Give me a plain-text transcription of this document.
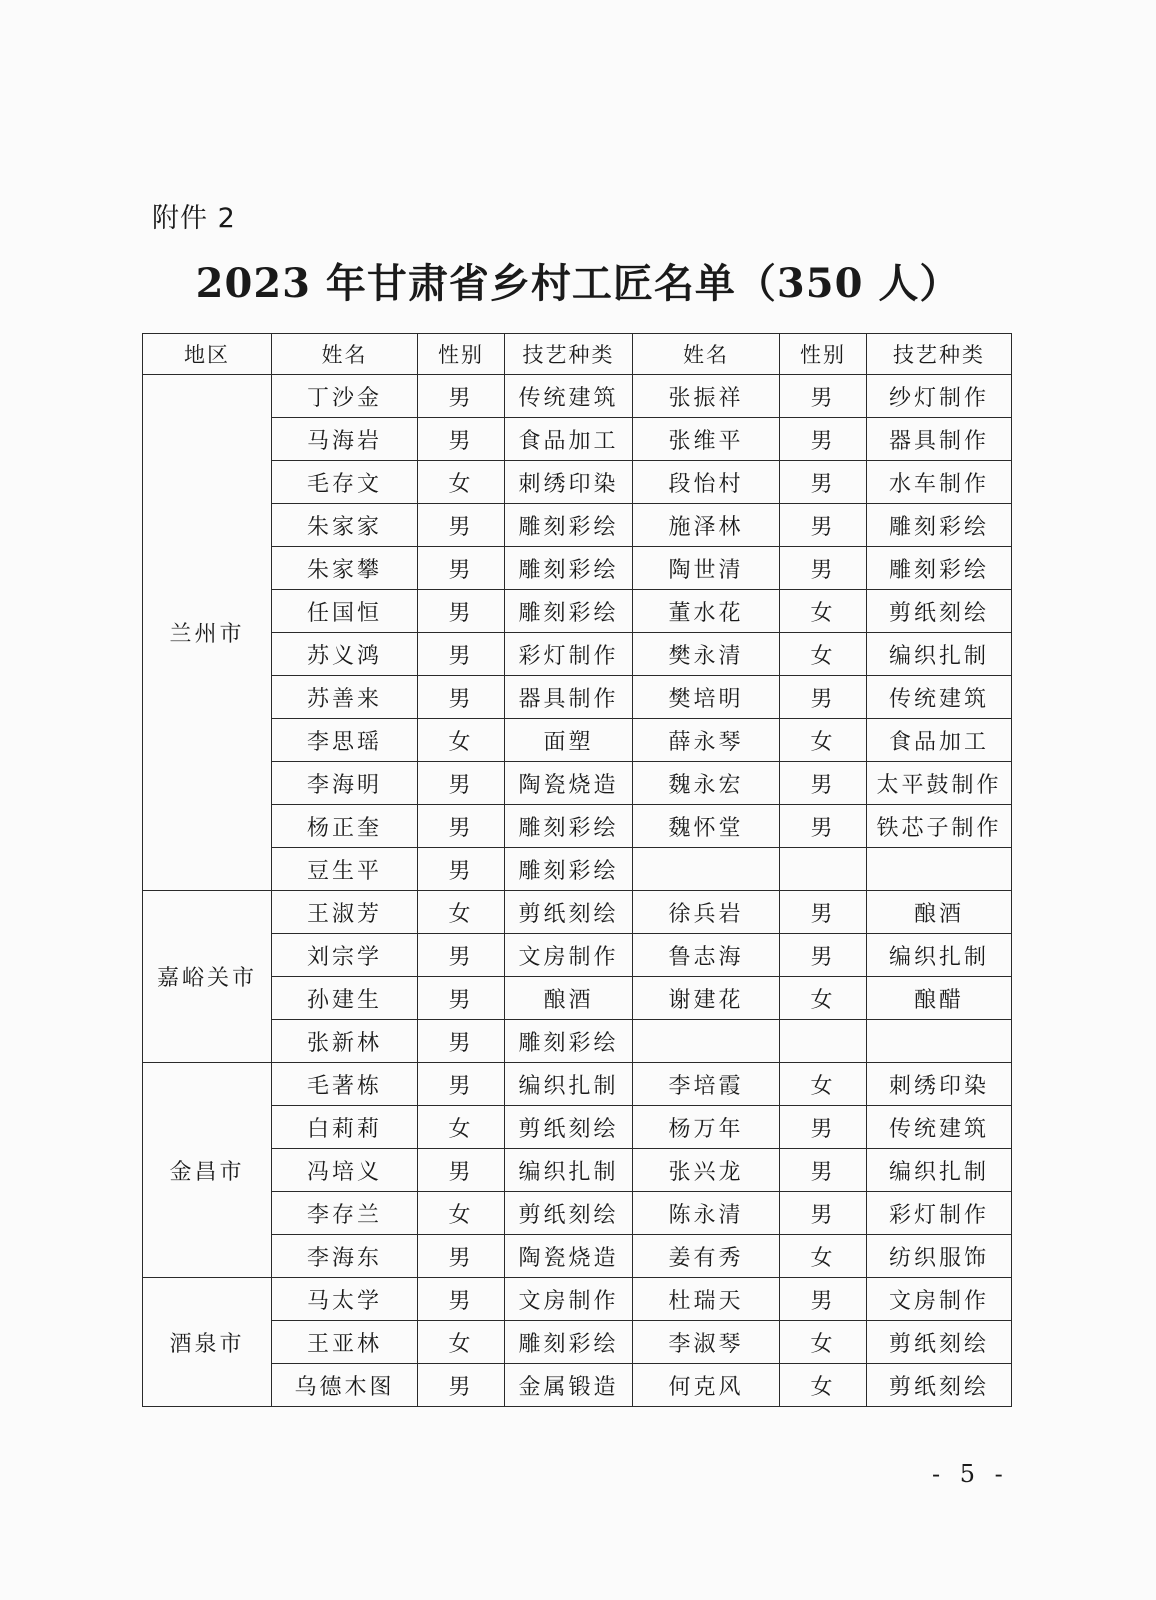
附件 2
2023 年甘肃省乡村工匠名单（350 人）
地区	姓名	性别	技艺种类	姓名	性别	技艺种类
兰州市	丁沙金	男	传统建筑	张振祥	男	纱灯制作
	马海岩	男	食品加工	张维平	男	器具制作
	毛存文	女	刺绣印染	段怡村	男	水车制作
	朱家家	男	雕刻彩绘	施泽林	男	雕刻彩绘
	朱家攀	男	雕刻彩绘	陶世清	男	雕刻彩绘
	任国恒	男	雕刻彩绘	董水花	女	剪纸刻绘
	苏义鸿	男	彩灯制作	樊永清	女	编织扎制
	苏善来	男	器具制作	樊培明	男	传统建筑
	李思瑶	女	面塑	薛永琴	女	食品加工
	李海明	男	陶瓷烧造	魏永宏	男	太平鼓制作
	杨正奎	男	雕刻彩绘	魏怀堂	男	铁芯子制作
	豆生平	男	雕刻彩绘			
嘉峪关市	王淑芳	女	剪纸刻绘	徐兵岩	男	酿酒
	刘宗学	男	文房制作	鲁志海	男	编织扎制
	孙建生	男	酿酒	谢建花	女	酿醋
	张新林	男	雕刻彩绘			
金昌市	毛著栋	男	编织扎制	李培霞	女	刺绣印染
	白莉莉	女	剪纸刻绘	杨万年	男	传统建筑
	冯培义	男	编织扎制	张兴龙	男	编织扎制
	李存兰	女	剪纸刻绘	陈永清	男	彩灯制作
	李海东	男	陶瓷烧造	姜有秀	女	纺织服饰
酒泉市	马太学	男	文房制作	杜瑞天	男	文房制作
	王亚林	女	雕刻彩绘	李淑琴	女	剪纸刻绘
	乌德木图	男	金属锻造	何克风	女	剪纸刻绘
- 5 -
